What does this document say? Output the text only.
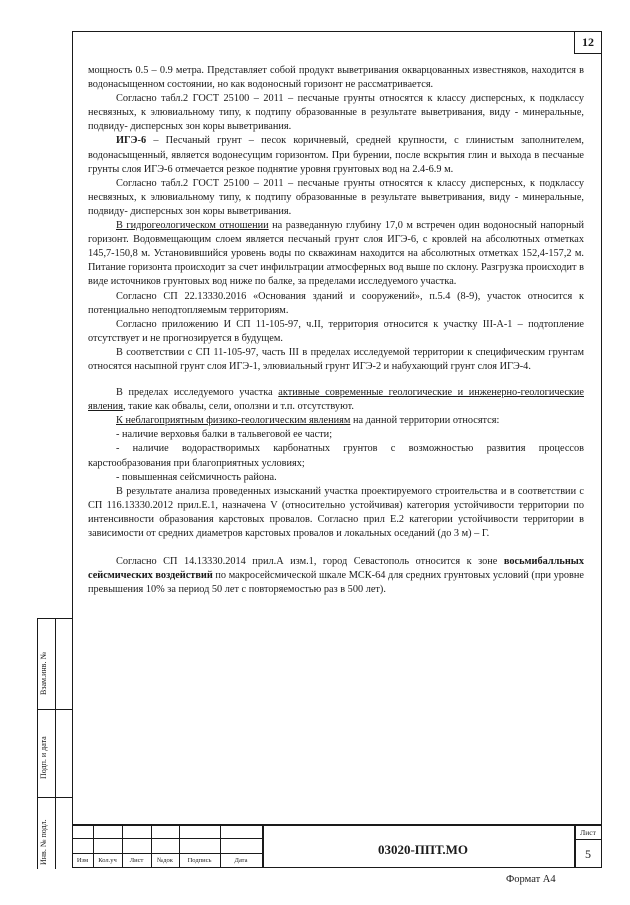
12

мощность 0.5 – 0.9 метра. Представляет собой продукт выветривания окварцованных известняков, находится в водонасыщенном состоянии, но как водоносный горизонт не рассматривается.

Согласно табл.2 ГОСТ 25100 – 2011 – песчаные грунты относятся к классу дисперсных, к подклассу несвязных, к элювиальному типу, к подтипу образованные в результате выветривания, виду - минеральные, подвиду- дисперсных зон коры выветривания.

ИГЭ-6 – Песчаный грунт – песок коричневый, средней крупности, с глинистым заполнителем, водонасыщенный, является водонесущим горизонтом. При бурении, после вскрытия глин и выхода в песчаные грунты слоя ИГЭ-6 отмечается резкое поднятие уровня грунтовых вод на 2.4-6.9 м.

Согласно табл.2 ГОСТ 25100 – 2011 – песчаные грунты относятся к классу дисперсных, к подклассу несвязных, к элювиальному типу, к подтипу образованные в результате выветривания, виду - минеральные, подвиду- дисперсных зон коры выветривания.

В гидрогеологическом отношении на разведанную глубину 17,0 м встречен один водоносный напорный горизонт. Водовмещающим слоем является песчаный грунт слоя ИГЭ-6, с кровлей на абсолютных отметках 145,7-150,8 м. Установившийся уровень воды по скважинам находится на абсолютных отметках 152,4-157,2 м. Питание горизонта происходит за счет инфильтрации атмосферных вод выше по склону. Разгрузка происходит в виде источников грунтовых вод ниже по балке, за пределами исследуемого участка.

Согласно СП 22.13330.2016 «Основания зданий и сооружений», п.5.4 (8-9), участок относится к потенциально неподтопляемым территориям.

Согласно приложению И СП 11-105-97, ч.II, территория относится к участку III-А-1 – подтопление отсутствует и не прогнозируется в будущем.

В соответствии с СП 11-105-97, часть III в пределах исследуемой территории к специфическим грунтам относятся насыпной грунт слоя ИГЭ-1, элювиальный грунт ИГЭ-2 и набухающий грунт слоя ИГЭ-4.

В пределах исследуемого участка активные современные геологические и инженерно-геологические явления, такие как обвалы, сели, оползни и т.п. отсутствуют.

К неблагоприятным физико-геологическим явлениям на данной территории относятся:

- наличие верховья балки в тальвеговой ее части;

- наличие водорастворимых карбонатных грунтов с возможностью развития процессов карстообразования при благоприятных условиях;

- повышенная сейсмичность района.

В результате анализа проведенных изысканий участка проектируемого строительства и в соответствии с СП 116.13330.2012 прил.Е.1, назначена V (относительно устойчивая) категория устойчивости территории по интенсивности образования карстовых провалов. Согласно прил Е.2 категории устойчивости территории в зависимости от средних диаметров карстовых провалов и локальных оседаний (до 3 м) – Г.

Согласно СП 14.13330.2014 прил.А изм.1, город Севастополь относится к зоне восьмибалльных сейсмических воздействий по макросейсмической шкале МСК-64 для средних грунтовых условий (при уровне превышения 10% за период 50 лет с повторяемостью раз в 500 лет).

Взам.инв. №
Подп. и дата
Инв. № подл.	Изм	Кол.уч	Лист	№док	Подпись	Дата
03020-ППТ.МО
Лист
5
Формат А4
